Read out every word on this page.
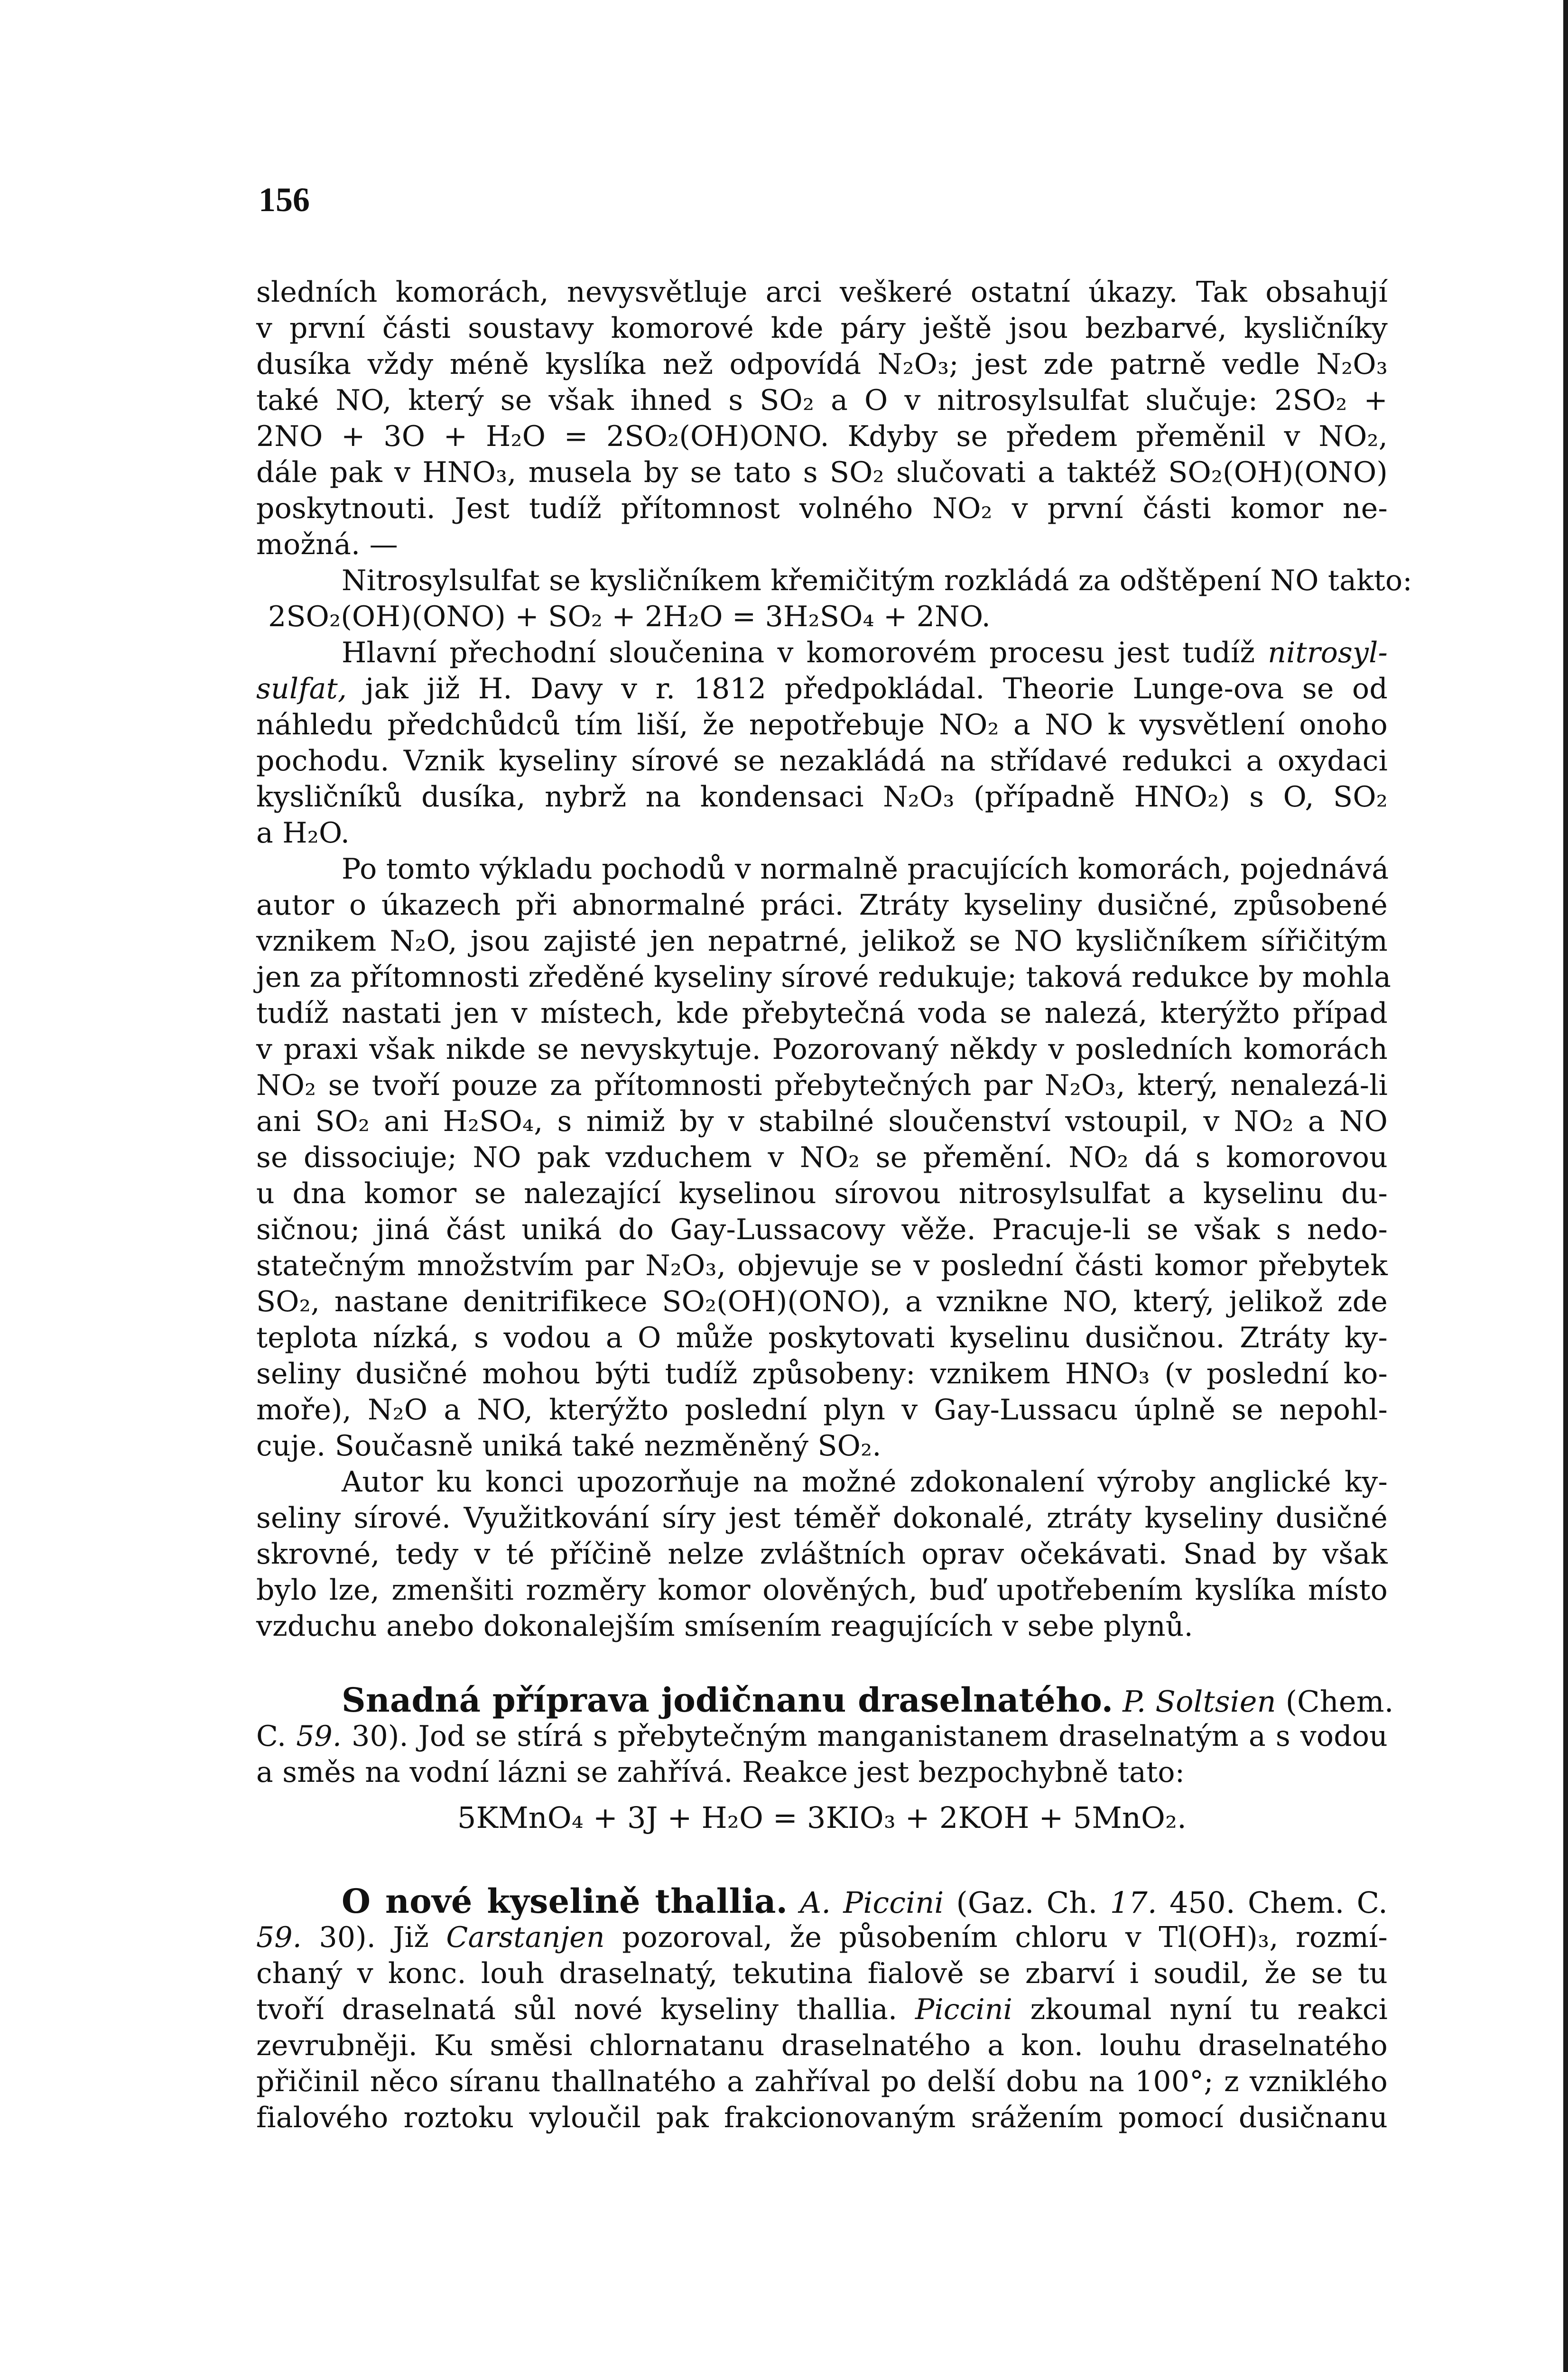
156

sledních komorách, nevysvětluje arci veškeré ostatní úkazy. Tak obsahují
v první části soustavy komorové kde páry ještě jsou bezbarvé, kysličníky
dusíka vždy méně kyslíka než odpovídá N₂O₃; jest zde patrně vedle N₂O₃
také NO, který se však ihned s SO₂ a O v nitrosylsulfat slučuje: 2SO₂ +
2NO + 3O + H₂O = 2SO₂(OH)ONO. Kdyby se předem přeměnil v NO₂,
dále pak v HNO₃, musela by se tato s SO₂ slučovati a taktéž SO₂(OH)(ONO)
poskytnouti. Jest tudíž přítomnost volného NO₂ v první části komor ne-
možná. —
Nitrosylsulfat se kysličníkem křemičitým rozkládá za odštěpení NO takto:
2SO₂(OH)(ONO) + SO₂ + 2H₂O = 3H₂SO₄ + 2NO.
Hlavní přechodní sloučenina v komorovém procesu jest tudíž nitrosyl-
sulfat, jak již H. Davy v r. 1812 předpokládal. Theorie Lunge-ova se od
náhledu předchůdců tím liší, že nepotřebuje NO₂ a NO k vysvětlení onoho
pochodu. Vznik kyseliny sírové se nezakládá na střídavé redukci a oxydaci
kysličníků dusíka, nybrž na kondensaci N₂O₃ (případně HNO₂) s O, SO₂
a H₂O.
Po tomto výkladu pochodů v normalně pracujících komorách, pojednává
autor o úkazech při abnormalné práci. Ztráty kyseliny dusičné, způsobené
vznikem N₂O, jsou zajisté jen nepatrné, jelikož se NO kysličníkem sířičitým
jen za přítomnosti zředěné kyseliny sírové redukuje; taková redukce by mohla
tudíž nastati jen v místech, kde přebytečná voda se nalezá, kterýžto případ
v praxi však nikde se nevyskytuje. Pozorovaný někdy v posledních komorách
NO₂ se tvoří pouze za přítomnosti přebytečných par N₂O₃, který, nenalezá-li
ani SO₂ ani H₂SO₄, s nimiž by v stabilné sloučenství vstoupil, v NO₂ a NO
se dissociuje; NO pak vzduchem v NO₂ se přemění. NO₂ dá s komorovou
u dna komor se nalezající kyselinou sírovou nitrosylsulfat a kyselinu du-
sičnou; jiná část uniká do Gay-Lussacovy věže. Pracuje-li se však s nedo-
statečným množstvím par N₂O₃, objevuje se v poslední části komor přebytek
SO₂, nastane denitrifikece SO₂(OH)(ONO), a vznikne NO, který, jelikož zde
teplota nízká, s vodou a O může poskytovati kyselinu dusičnou. Ztráty ky-
seliny dusičné mohou býti tudíž způsobeny: vznikem HNO₃ (v poslední ko-
moře), N₂O a NO, kterýžto poslední plyn v Gay-Lussacu úplně se nepohl-
cuje. Současně uniká také nezměněný SO₂.
Autor ku konci upozorňuje na možné zdokonalení výroby anglické ky-
seliny sírové. Využitkování síry jest téměř dokonalé, ztráty kyseliny dusičné
skrovné, tedy v té příčině nelze zvláštních oprav očekávati. Snad by však
bylo lze, zmenšiti rozměry komor olověných, buď upotřebením kyslíka místo
vzduchu anebo dokonalejším smísením reagujících v sebe plynů.
Snadná příprava jodičnanu draselnatého. P. Soltsien (Chem.
C. 59. 30). Jod se stírá s přebytečným manganistanem draselnatým a s vodou
a směs na vodní lázni se zahřívá. Reakce jest bezpochybně tato:
5KMnO₄ + 3J + H₂O = 3KIO₃ + 2KOH + 5MnO₂.
O nové kyselině thallia. A. Piccini (Gaz. Ch. 17. 450. Chem. C.
59. 30). Již Carstanjen pozoroval, že působením chloru v Tl(OH)₃, rozmí-
chaný v konc. louh draselnatý, tekutina fialově se zbarví i soudil, že se tu
tvoří draselnatá sůl nové kyseliny thallia. Piccini zkoumal nyní tu reakci
zevrubněji. Ku směsi chlornatanu draselnatého a kon. louhu draselnatého
přičinil něco síranu thallnatého a zahříval po delší dobu na 100°; z vzniklého
fialového roztoku vyloučil pak frakcionovaným srážením pomocí dusičnanu
